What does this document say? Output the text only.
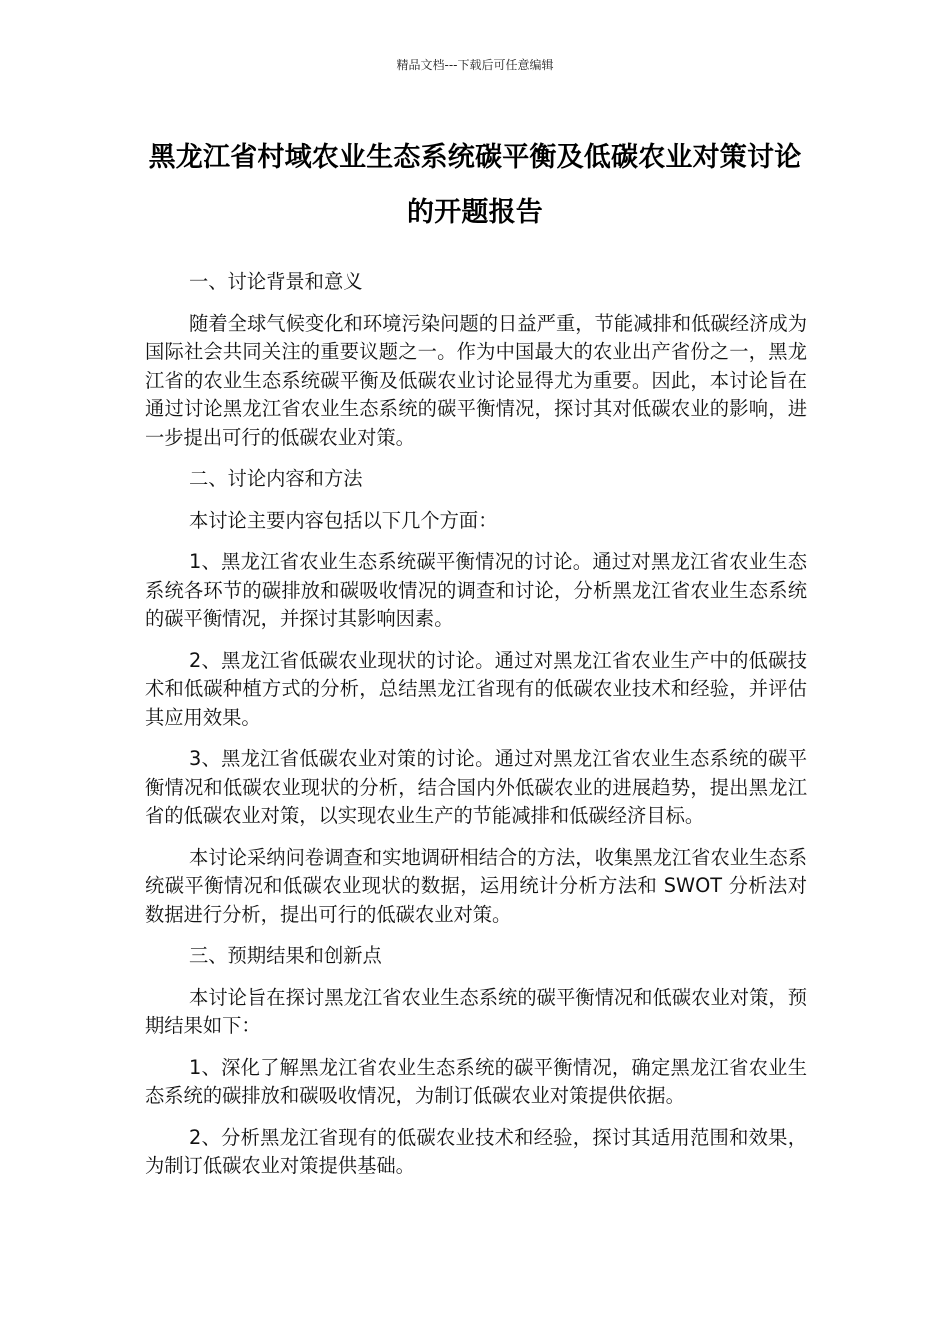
精品文档---下载后可任意编辑
黑龙江省村域农业生态系统碳平衡及低碳农业对策讨论的开题报告

一、讨论背景和意义

随着全球气候变化和环境污染问题的日益严重，节能减排和低碳经济成为国际社会共同关注的重要议题之一。作为中国最大的农业出产省份之一，黑龙江省的农业生态系统碳平衡及低碳农业讨论显得尤为重要。因此，本讨论旨在通过讨论黑龙江省农业生态系统的碳平衡情况，探讨其对低碳农业的影响，进一步提出可行的低碳农业对策。

二、讨论内容和方法

本讨论主要内容包括以下几个方面：

1、黑龙江省农业生态系统碳平衡情况的讨论。通过对黑龙江省农业生态系统各环节的碳排放和碳吸收情况的调查和讨论，分析黑龙江省农业生态系统的碳平衡情况，并探讨其影响因素。

2、黑龙江省低碳农业现状的讨论。通过对黑龙江省农业生产中的低碳技术和低碳种植方式的分析，总结黑龙江省现有的低碳农业技术和经验，并评估其应用效果。

3、黑龙江省低碳农业对策的讨论。通过对黑龙江省农业生态系统的碳平衡情况和低碳农业现状的分析，结合国内外低碳农业的进展趋势，提出黑龙江省的低碳农业对策，以实现农业生产的节能减排和低碳经济目标。

本讨论采纳问卷调查和实地调研相结合的方法，收集黑龙江省农业生态系统碳平衡情况和低碳农业现状的数据，运用统计分析方法和 SWOT 分析法对数据进行分析，提出可行的低碳农业对策。

三、预期结果和创新点

本讨论旨在探讨黑龙江省农业生态系统的碳平衡情况和低碳农业对策，预期结果如下：

1、深化了解黑龙江省农业生态系统的碳平衡情况，确定黑龙江省农业生态系统的碳排放和碳吸收情况，为制订低碳农业对策提供依据。

2、分析黑龙江省现有的低碳农业技术和经验，探讨其适用范围和效果，为制订低碳农业对策提供基础。
